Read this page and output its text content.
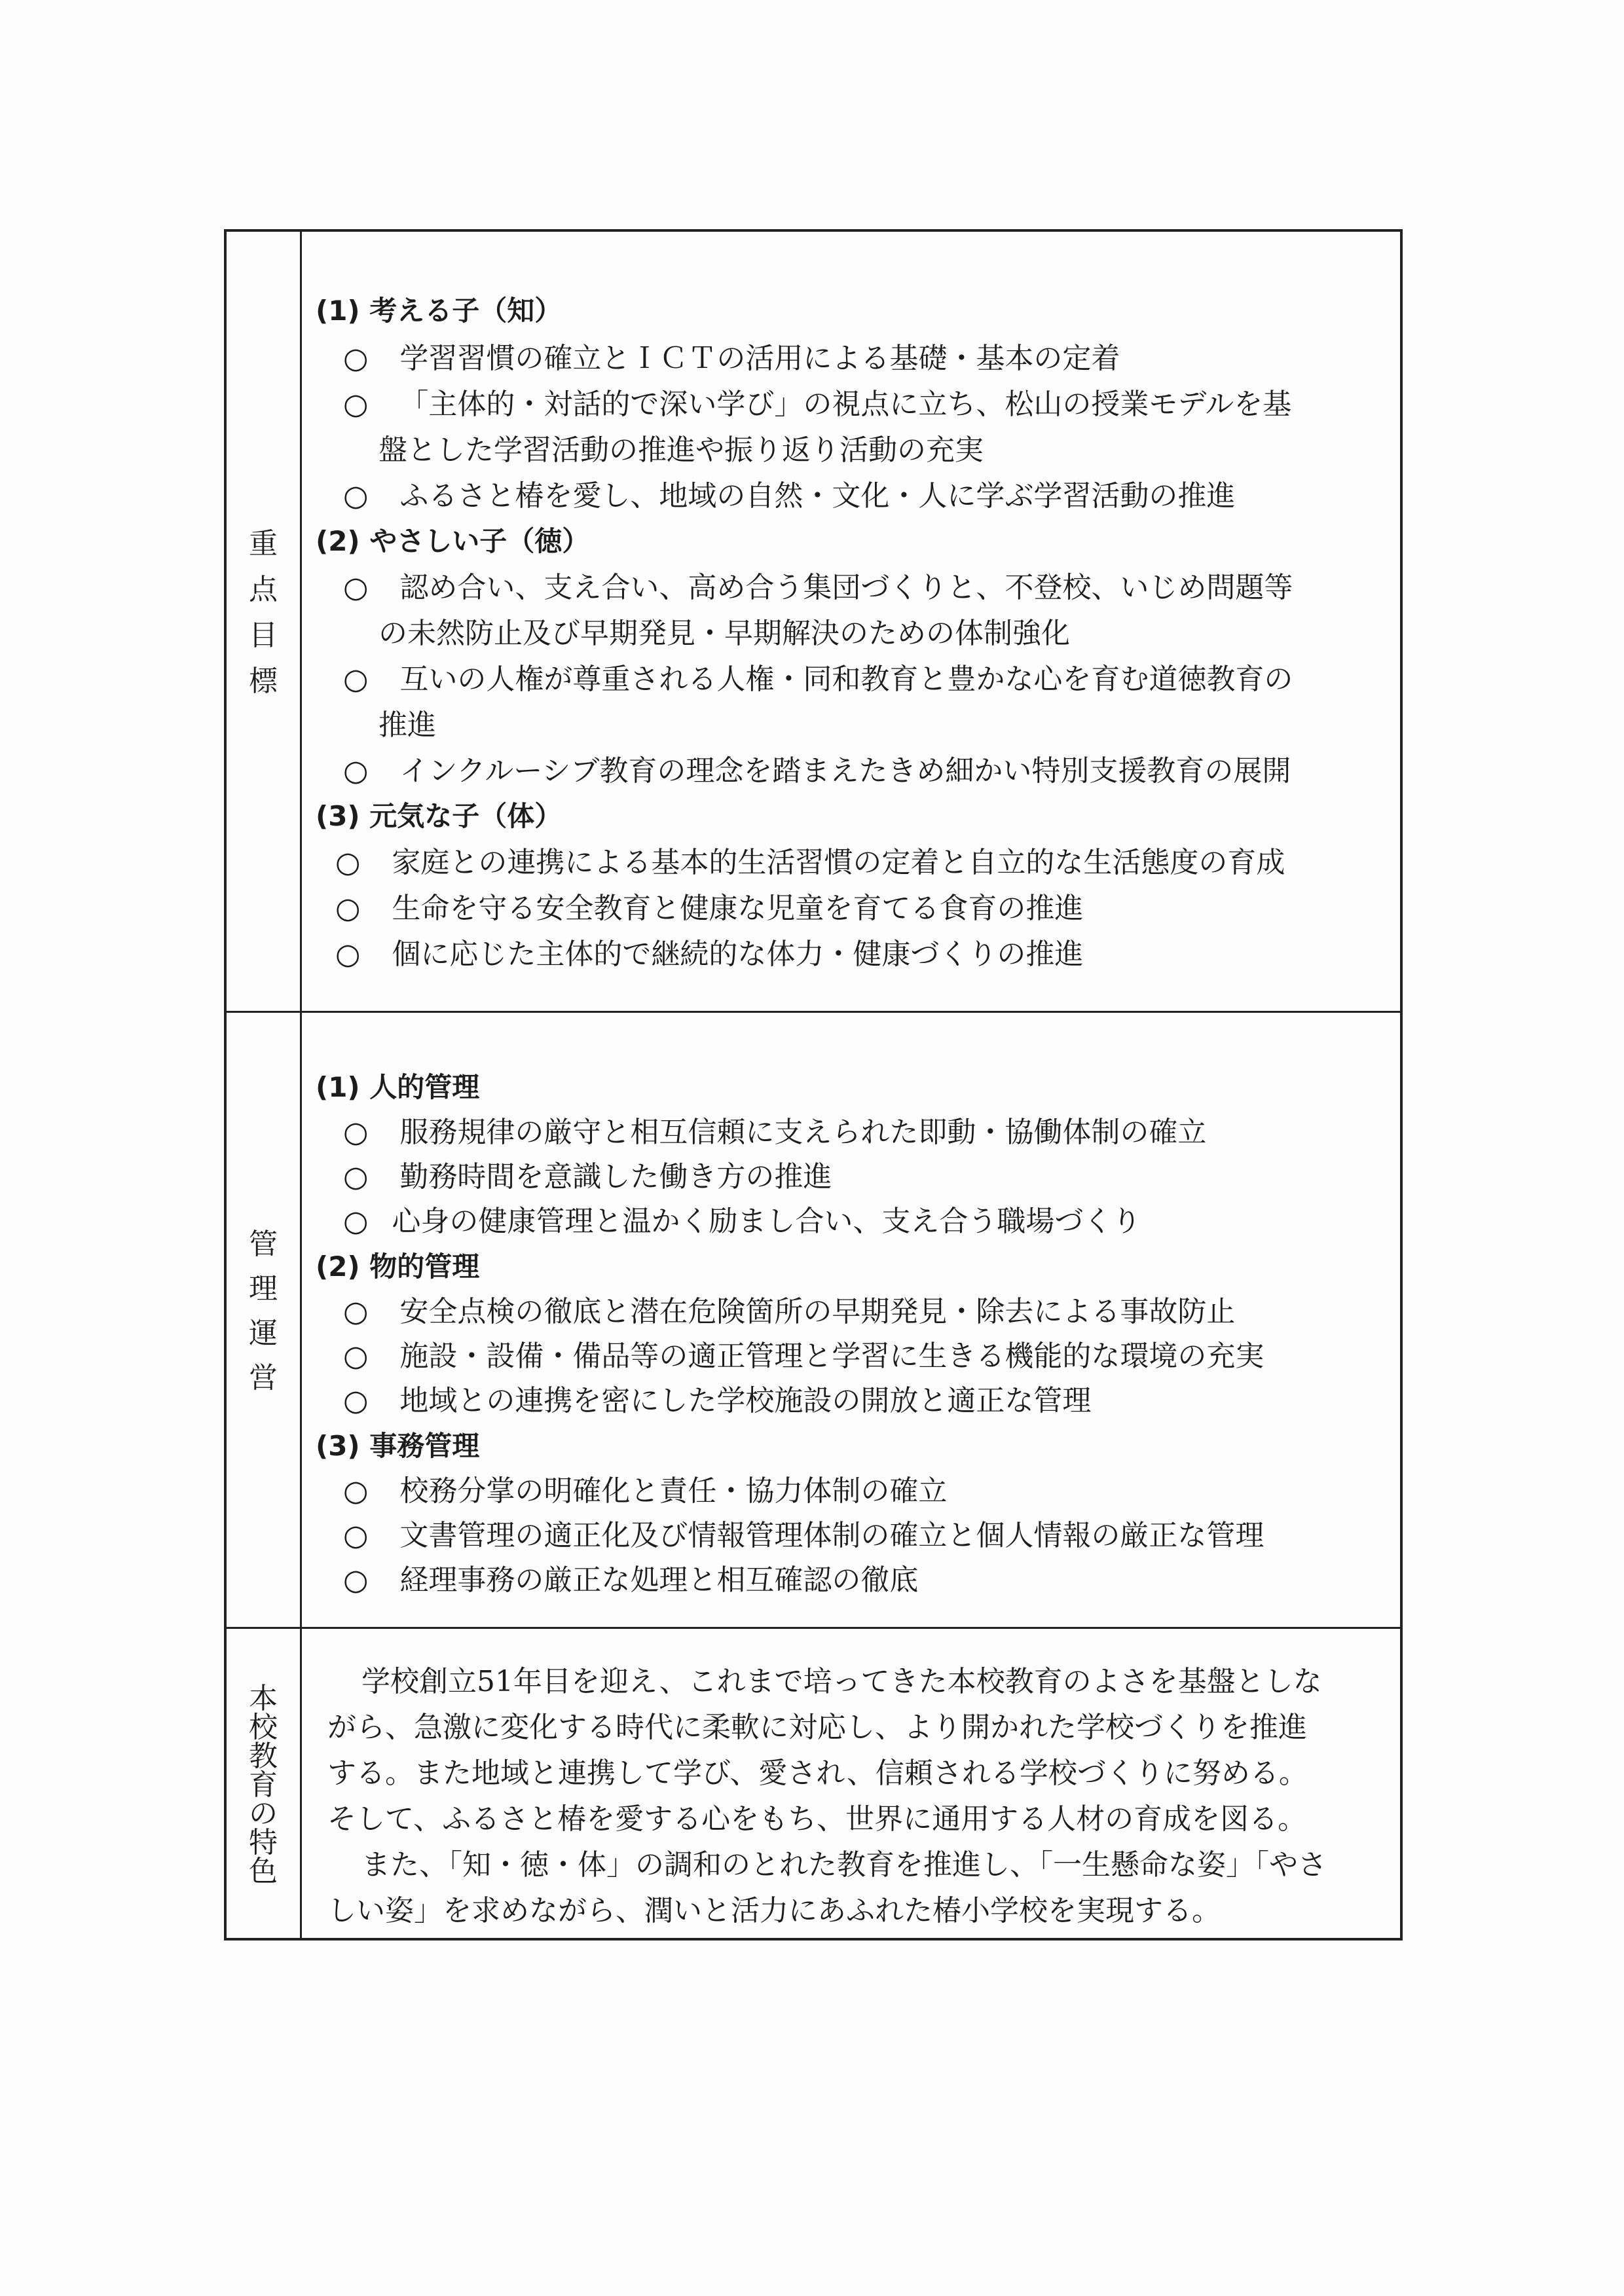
重
点
目
標
管
理
運
営
本
校
教
育
の
特
色
(1) 考える子（知）
○ 学習習慣の確立とＩＣＴの活用による基礎・基本の定着
○ 「主体的・対話的で深い学び」の視点に立ち、松山の授業モデルを基
盤とした学習活動の推進や振り返り活動の充実
○ ふるさと椿を愛し、地域の自然・文化・人に学ぶ学習活動の推進
(2) やさしい子（徳）
○ 認め合い、支え合い、高め合う集団づくりと、不登校、いじめ問題等
の未然防止及び早期発見・早期解決のための体制強化
○ 互いの人権が尊重される人権・同和教育と豊かな心を育む道徳教育の
推進
○ インクルーシブ教育の理念を踏まえたきめ細かい特別支援教育の展開
(3) 元気な子（体）
○ 家庭との連携による基本的生活習慣の定着と自立的な生活態度の育成
○ 生命を守る安全教育と健康な児童を育てる食育の推進
○ 個に応じた主体的で継続的な体力・健康づくりの推進
(1) 人的管理
○ 服務規律の厳守と相互信頼に支えられた即動・協働体制の確立
○ 勤務時間を意識した働き方の推進
○ 心身の健康管理と温かく励まし合い、支え合う職場づくり
(2) 物的管理
○ 安全点検の徹底と潜在危険箇所の早期発見・除去による事故防止
○ 施設・設備・備品等の適正管理と学習に生きる機能的な環境の充実
○ 地域との連携を密にした学校施設の開放と適正な管理
(3) 事務管理
○ 校務分掌の明確化と責任・協力体制の確立
○ 文書管理の適正化及び情報管理体制の確立と個人情報の厳正な管理
○ 経理事務の厳正な処理と相互確認の徹底
学校創立51年目を迎え、これまで培ってきた本校教育のよさを基盤としな
がら、急激に変化する時代に柔軟に対応し、より開かれた学校づくりを推進
する。また地域と連携して学び、愛され、信頼される学校づくりに努める。
そして、ふるさと椿を愛する心をもち、世界に通用する人材の育成を図る。
また、「知・徳・体」の調和のとれた教育を推進し、「一生懸命な姿」「やさ
しい姿」を求めながら、潤いと活力にあふれた椿小学校を実現する。
